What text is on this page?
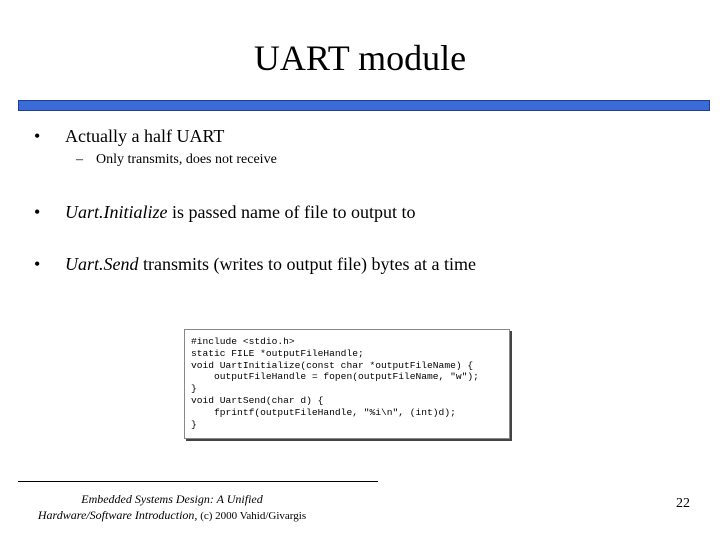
UART module
• Actually a half UART
– Only transmits, does not receive
• Uart.Initialize is passed name of file to output to
• Uart.Send transmits (writes to output file) bytes at a time
#include <stdio.h>
static FILE *outputFileHandle;
void UartInitialize(const char *outputFileName) {
outputFileHandle = fopen(outputFileName, "w");
}
void UartSend(char d) {
fprintf(outputFileHandle, "%i\n", (int)d);
}
Embedded Systems Design: A Unified
Hardware/Software Introduction, (c) 2000 Vahid/Givargis
22
